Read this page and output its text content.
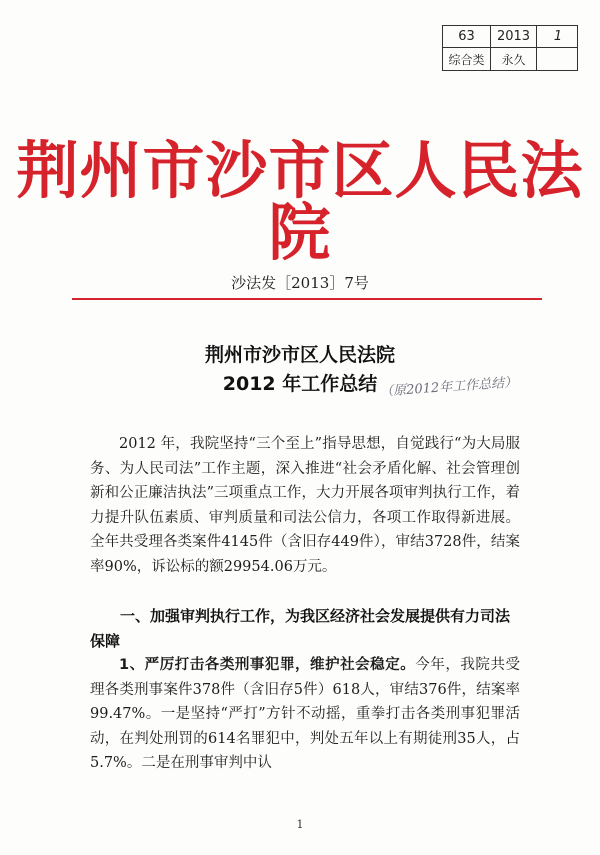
63	2013	1
综合类	永久
荆州市沙市区人民法院
沙法发［2013］7号
荆州市沙市区人民法院
2012 年工作总结 （原2012年工作总结）
2012 年，我院坚持“三个至上”指导思想，自觉践行“为大局服务、为人民司法”工作主题，深入推进“社会矛盾化解、社会管理创新和公正廉洁执法”三项重点工作，大力开展各项审判执行工作，着力提升队伍素质、审判质量和司法公信力，各项工作取得新进展。全年共受理各类案件4145件（含旧存449件），审结3728件，结案率90%，诉讼标的额29954.06万元。
一、加强审判执行工作，为我区经济社会发展提供有力司法保障
1、严厉打击各类刑事犯罪，维护社会稳定。今年，我院共受理各类刑事案件378件（含旧存5件）618人，审结376件，结案率99.47%。一是坚持“严打”方针不动摇，重拳打击各类刑事犯罪活动，在判处刑罚的614名罪犯中，判处五年以上有期徒刑35人，占5.7%。二是在刑事审判中认
1
